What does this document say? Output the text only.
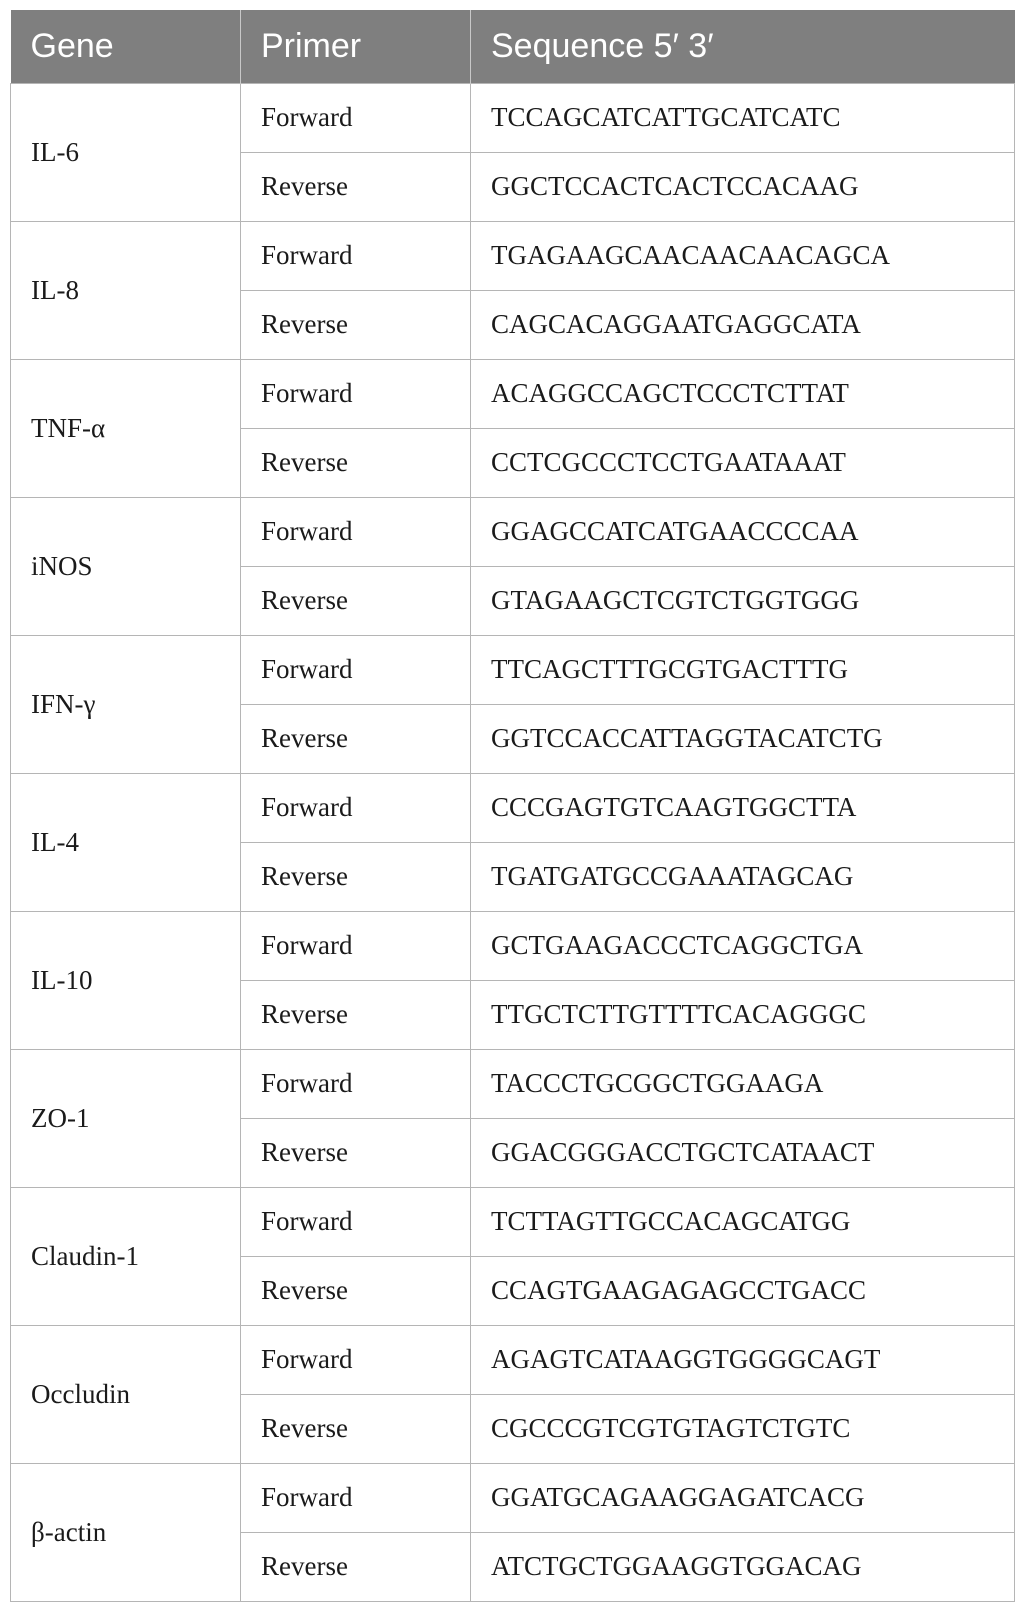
Gene	Primer	Sequence 5′ 3′
IL-6	Forward	TCCAGCATCATTGCATCATC
	Reverse	GGCTCCACTCACTCCACAAG
IL-8	Forward	TGAGAAGCAACAACAACAGCA
	Reverse	CAGCACAGGAATGAGGCATA
TNF-α	Forward	ACAGGCCAGCTCCCTCTTAT
	Reverse	CCTCGCCCTCCTGAATAAAT
iNOS	Forward	GGAGCCATCATGAACCCCAA
	Reverse	GTAGAAGCTCGTCTGGTGGG
IFN-γ	Forward	TTCAGCTTTGCGTGACTTTG
	Reverse	GGTCCACCATTAGGTACATCTG
IL-4	Forward	CCCGAGTGTCAAGTGGCTTA
	Reverse	TGATGATGCCGAAATAGCAG
IL-10	Forward	GCTGAAGACCCTCAGGCTGA
	Reverse	TTGCTCTTGTTTTCACAGGGC
ZO-1	Forward	TACCCTGCGGCTGGAAGA
	Reverse	GGACGGGACCTGCTCATAACT
Claudin-1	Forward	TCTTAGTTGCCACAGCATGG
	Reverse	CCAGTGAAGAGAGCCTGACC
Occludin	Forward	AGAGTCATAAGGTGGGGCAGT
	Reverse	CGCCCGTCGTGTAGTCTGTC
β-actin	Forward	GGATGCAGAAGGAGATCACG
	Reverse	ATCTGCTGGAAGGTGGACAG
